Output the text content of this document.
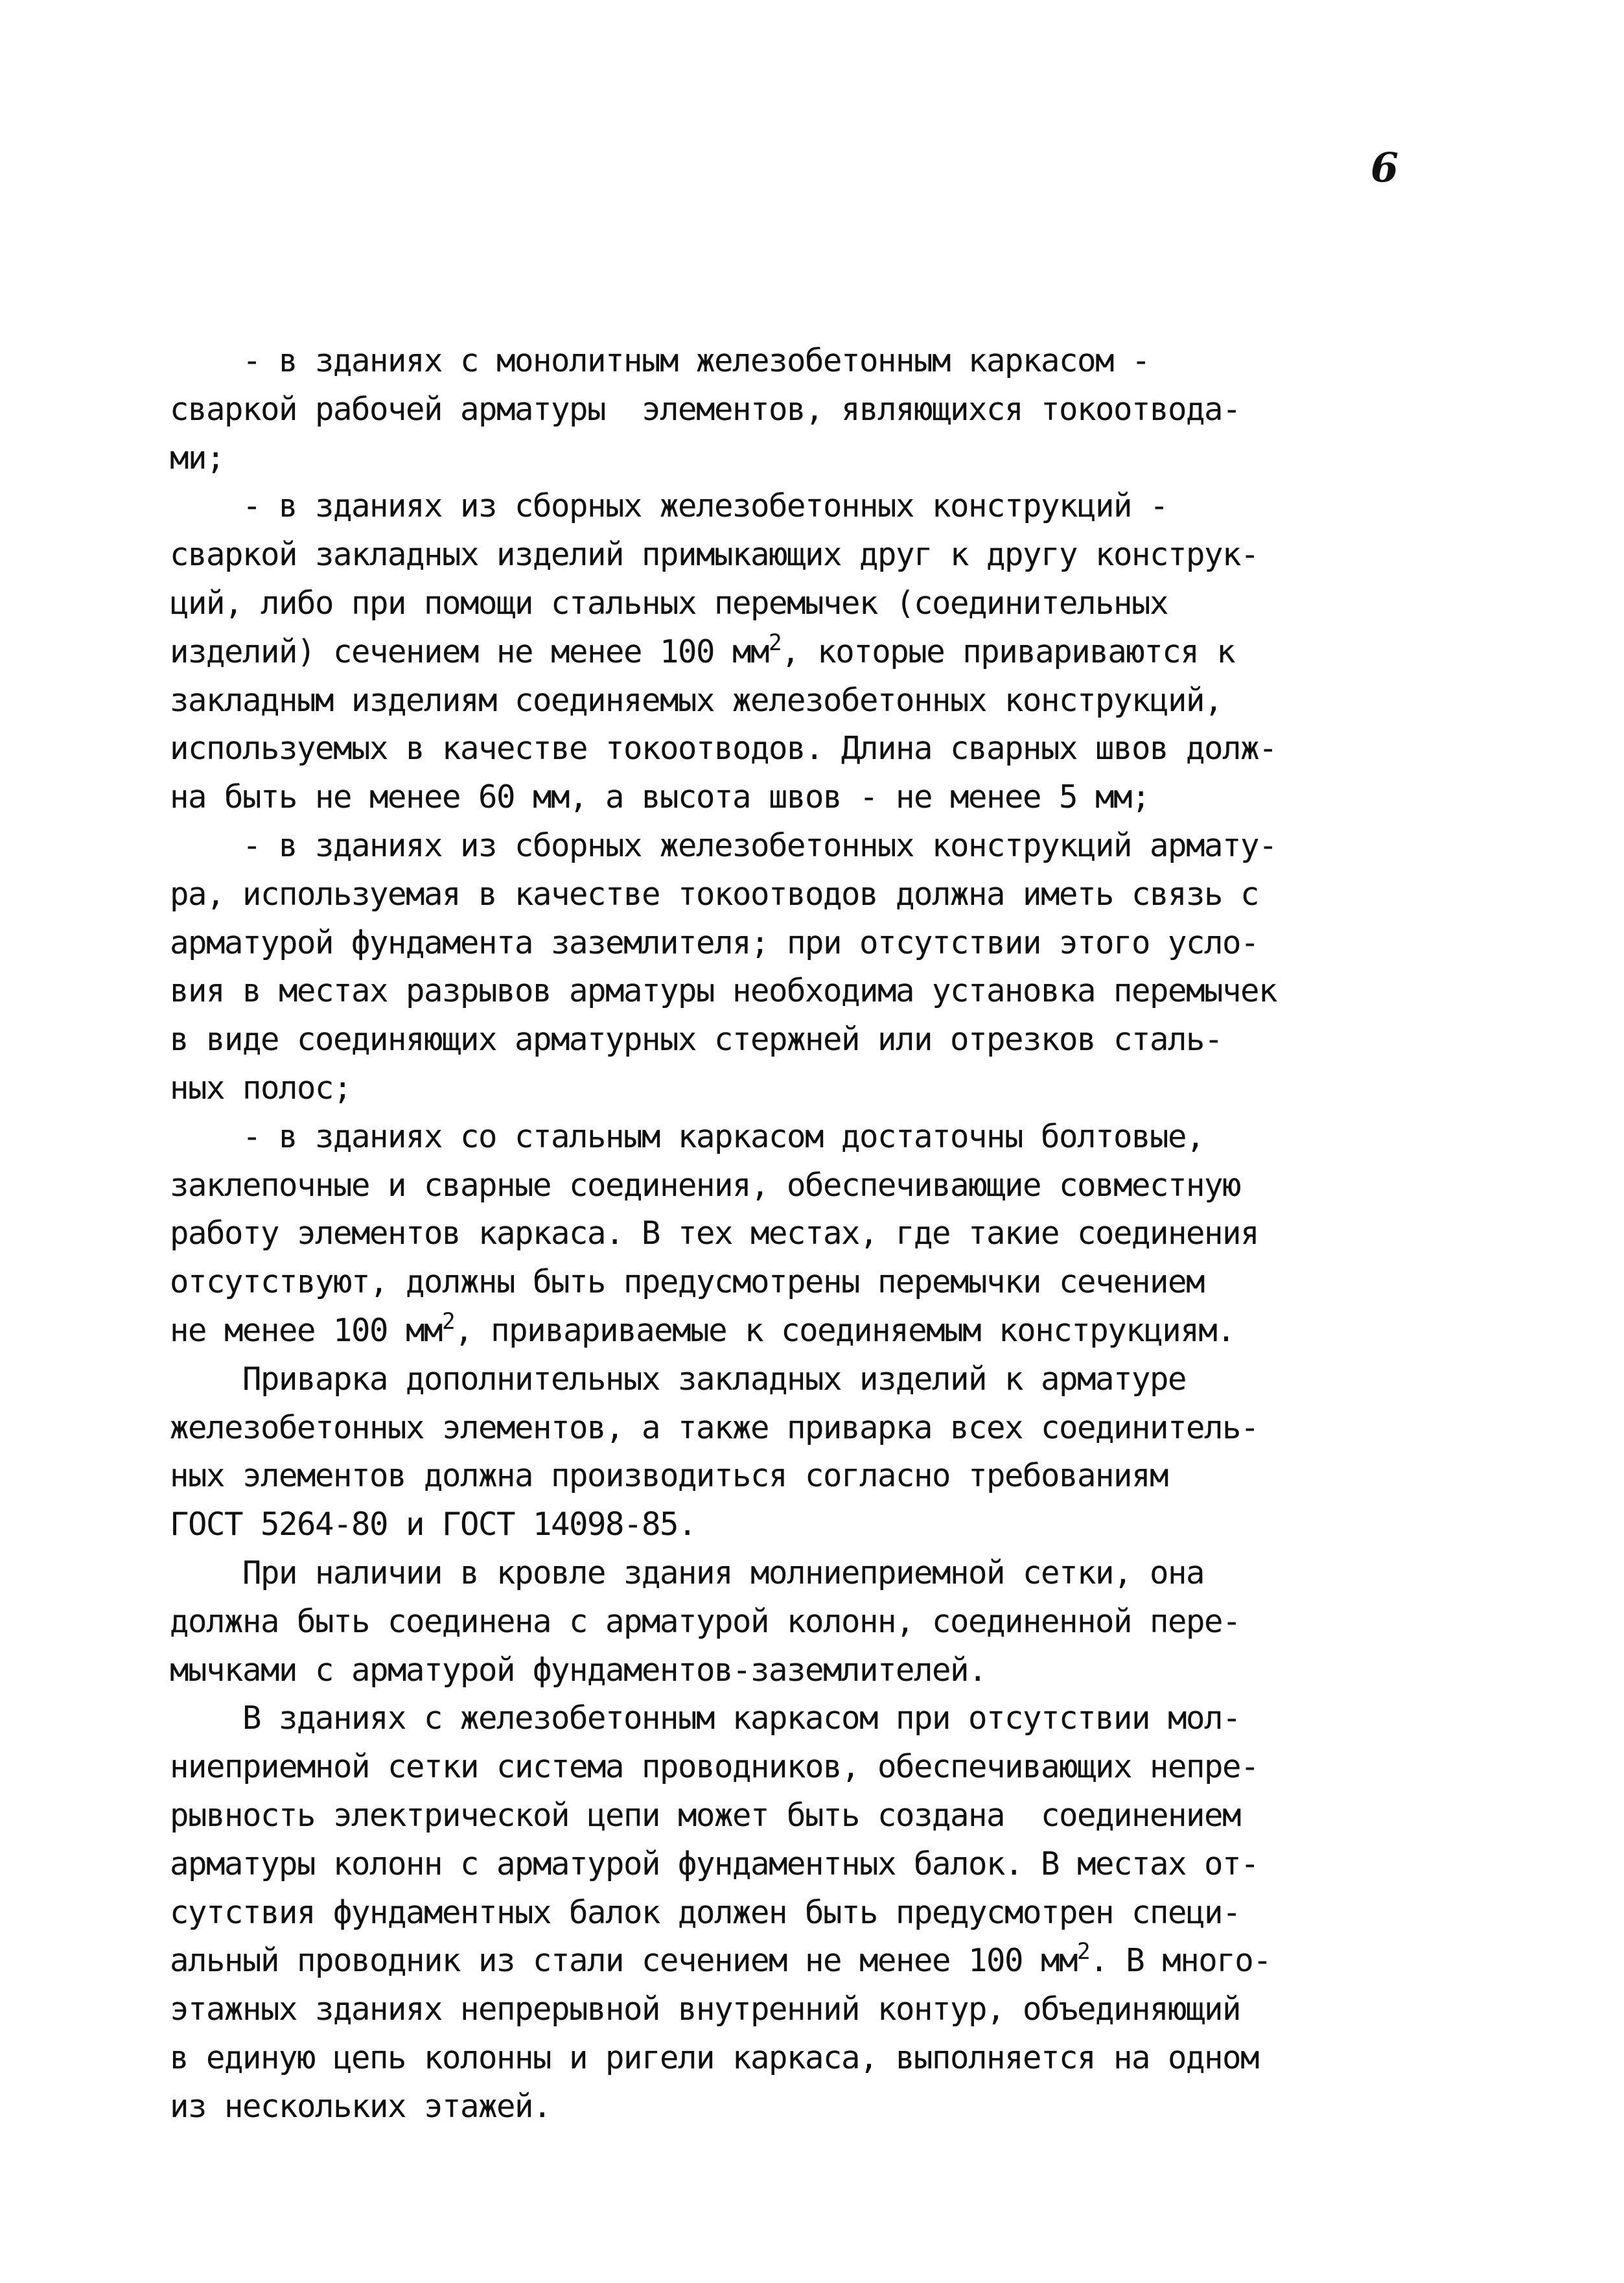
6
- в зданиях с монолитным железобетонным каркасом -
сваркой рабочей арматуры  элементов, являющихся токоотвода-
ми;
- в зданиях из сборных железобетонных конструкций -
сваркой закладных изделий примыкающих друг к другу конструк-
ций, либо при помощи стальных перемычек (соединительных
изделий) сечением не менее 100 $мм^2$, которые привариваются к
закладным изделиям соединяемых железобетонных конструкций,
используемых в качестве токоотводов. Длина сварных швов долж-
на быть не менее 60 мм, а высота швов - не менее 5 мм;
- в зданиях из сборных железобетонных конструкций армату-
ра, используемая в качестве токоотводов должна иметь связь с
арматурой фундамента заземлителя; при отсутствии этого усло-
вия в местах разрывов арматуры необходима установка перемычек
в виде соединяющих арматурных стержней или отрезков сталь-
ных полос;
- в зданиях со стальным каркасом достаточны болтовые,
заклепочные и сварные соединения, обеспечивающие совместную
работу элементов каркаса. В тех местах, где такие соединения
отсутствуют, должны быть предусмотрены перемычки сечением
не менее 100 $мм^2$, привариваемые к соединяемым конструкциям.
Приварка дополнительных закладных изделий к арматуре
железобетонных элементов, а также приварка всех соединитель-
ных элементов должна производиться согласно требованиям
ГОСТ 5264-80 и ГОСТ 14098-85.
При наличии в кровле здания молниеприемной сетки, она
должна быть соединена с арматурой колонн, соединенной пере-
мычками с арматурой фундаментов-заземлителей.
В зданиях с железобетонным каркасом при отсутствии мол-
ниеприемной сетки система проводников, обеспечивающих непре-
рывность электрической цепи может быть создана  соединением
арматуры колонн с арматурой фундаментных балок. В местах от-
сутствия фундаментных балок должен быть предусмотрен специ-
альный проводник из стали сечением не менее 100 $мм^2$. В много-
этажных зданиях непрерывной внутренний контур, объединяющий
в единую цепь колонны и ригели каркаса, выполняется на одном
из нескольких этажей.
